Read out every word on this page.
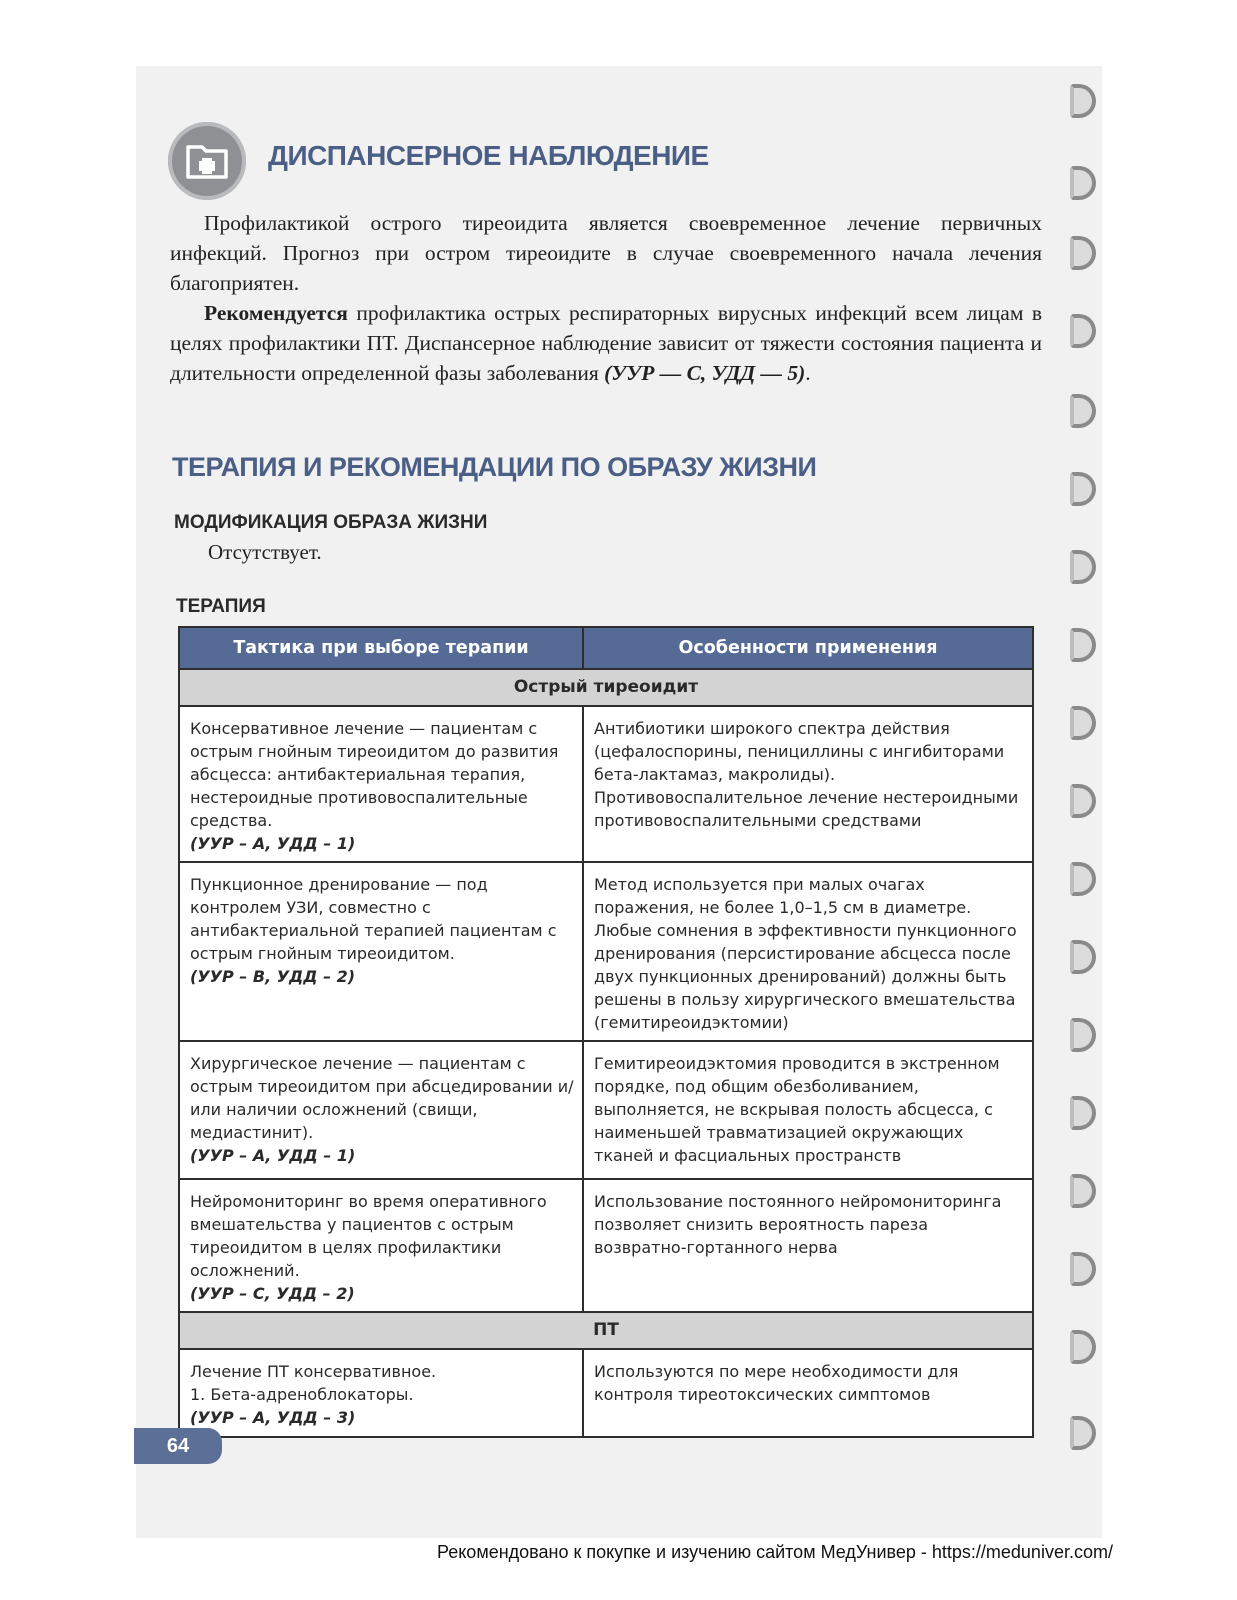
ДИСПАНСЕРНОЕ НАБЛЮДЕНИЕ
Профилактикой острого тиреоидита является своевременное лечение первичных инфекций. Прогноз при остром тиреоидите в случае своевременного начала лечения благоприятен.
Рекомендуется профилактика острых респираторных вирусных инфекций всем лицам в целях профилактики ПТ. Диспансерное наблюдение зависит от тяжести состояния пациента и длительности определенной фазы заболевания (УУР — С, УДД — 5).
ТЕРАПИЯ И РЕКОМЕНДАЦИИ ПО ОБРАЗУ ЖИЗНИ
МОДИФИКАЦИЯ ОБРАЗА ЖИЗНИ
Отсутствует.
ТЕРАПИЯ
Тактика при выборе терапии	Особенности применения
Острый тиреоидит	
Консервативное лечение — пациентам с острым гнойным тиреоидитом до развития абсцесса: антибактериальная терапия, нестероидные противовоспалительные средства.
(УУР – А, УДД – 1)	Антибиотики широкого спектра действия (цефалоспорины, пенициллины с ингибиторами бета-лактамаз, макролиды). Противовоспалительное лечение нестероидными противовоспалительными средствами
Пункционное дренирование — под контролем УЗИ, совместно с антибактериальной терапией пациентам с острым гнойным тиреоидитом.
(УУР – В, УДД – 2)	Метод используется при малых очагах поражения, не более 1,0–1,5 см в диаметре. Любые сомнения в эффективности пункционного дренирования (персистирование абсцесса после двух пункционных дренирований) должны быть решены в пользу хирургического вмешательства (гемитиреоидэктомии)
Хирургическое лечение — пациентам с острым тиреоидитом при абсцедировании и/или наличии осложнений (свищи, медиастинит).
(УУР – А, УДД – 1)	Гемитиреоидэктомия проводится в экстренном порядке, под общим обезболиванием, выполняется, не вскрывая полость абсцесса, с наименьшей травматизацией окружающих тканей и фасциальных пространств
Нейромониторинг во время оперативного вмешательства у пациентов с острым тиреоидитом в целях профилактики осложнений.
(УУР – С, УДД – 2)	Использование постоянного нейромониторинга позволяет снизить вероятность пареза возвратно-гортанного нерва
ПТ	

Лечение ПТ консервативное.
1. Бета-адреноблокаторы.
(УУР – А, УДД – 3)	Используются по мере необходимости для контроля тиреотоксических симптомов
64
Рекомендовано к покупке и изучению сайтом МедУнивер - https://meduniver.com/
